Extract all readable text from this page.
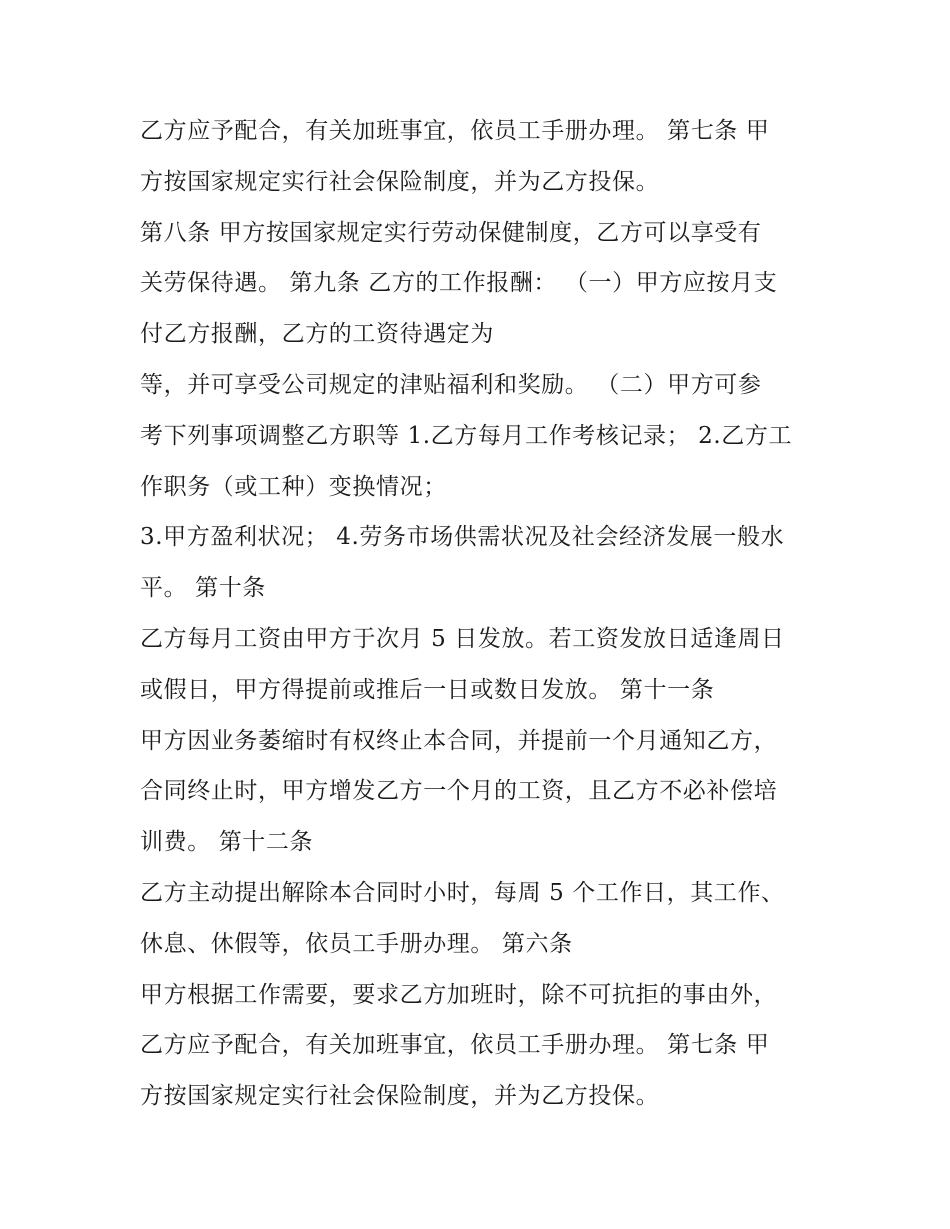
乙方应予配合，有关加班事宜，依员工手册办理。 第七条 甲
方按国家规定实行社会保险制度，并为乙方投保。
第八条 甲方按国家规定实行劳动保健制度，乙方可以享受有
关劳保待遇。 第九条 乙方的工作报酬： （一）甲方应按月支
付乙方报酬，乙方的工资待遇定为
等，并可享受公司规定的津贴福利和奖励。 （二）甲方可参
考下列事项调整乙方职等 1.乙方每月工作考核记录； 2.乙方工
作职务（或工种）变换情况；
3.甲方盈利状况； 4.劳务市场供需状况及社会经济发展一般水
平。 第十条
乙方每月工资由甲方于次月 5 日发放。若工资发放日适逢周日
或假日，甲方得提前或推后一日或数日发放。 第十一条
甲方因业务萎缩时有权终止本合同，并提前一个月通知乙方，
合同终止时，甲方增发乙方一个月的工资，且乙方不必补偿培
训费。 第十二条
乙方主动提出解除本合同时小时，每周 5 个工作日，其工作、
休息、休假等，依员工手册办理。 第六条
甲方根据工作需要，要求乙方加班时，除不可抗拒的事由外，
乙方应予配合，有关加班事宜，依员工手册办理。 第七条 甲
方按国家规定实行社会保险制度，并为乙方投保。
